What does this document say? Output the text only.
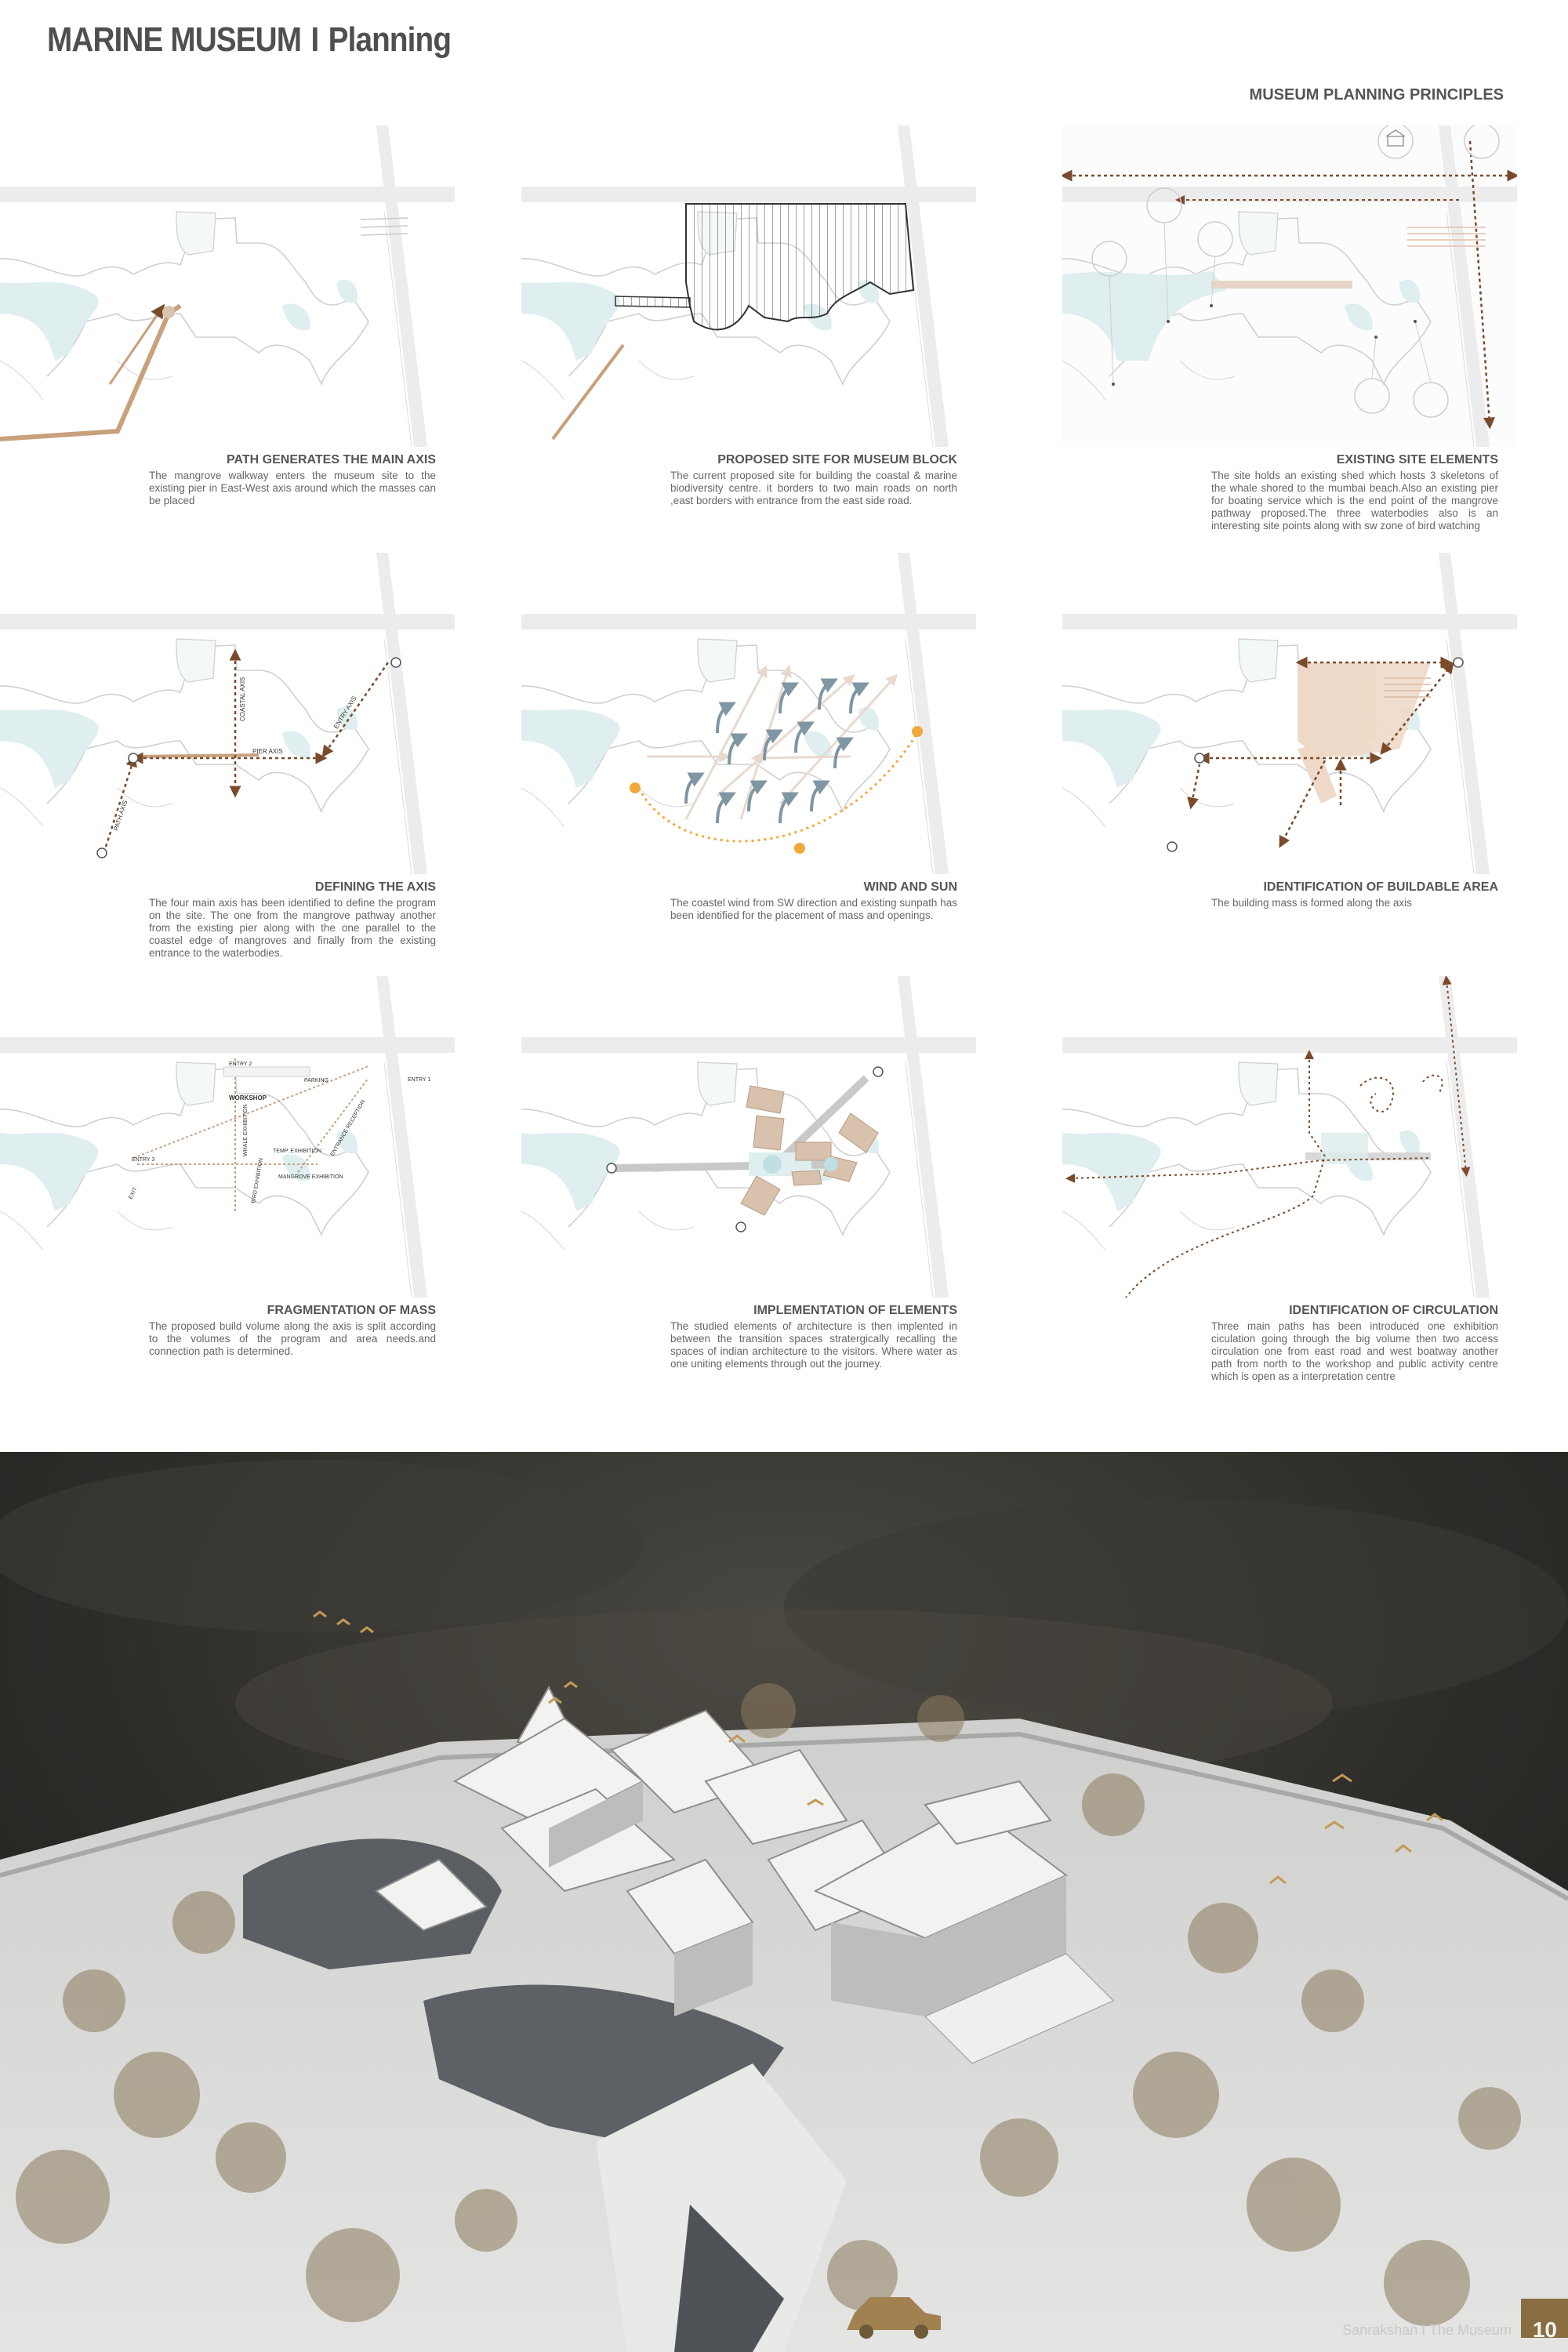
MARINE MUSEUM I Planning
MUSEUM PLANNING PRINCIPLES
PATH GENERATES THE MAIN AXIS
The mangrove walkway enters the museum site to the existing pier in East-West axis around which the masses can be placed
PROPOSED SITE FOR MUSEUM BLOCK
The current proposed site for building the coastal & marine biodiversity centre. it borders to two main roads on north ,east borders with entrance from the east side road.
EXISTING SITE ELEMENTS
The site holds an existing shed which hosts 3 skeletons of the whale shored to the mumbai beach.Also an existing pier for boating service which is the end point of the mangrove pathway proposed.The three waterbodies also is an interesting site points along with sw zone of bird watching
COASTAL AXIS
PIER AXIS
ENTRY AXIS
PATH AXIS
DEFINING THE AXIS
The four main axis has been identified to define the program on the site. The one from the mangrove pathway another from the existing pier along with the one parallel to the coastel edge of mangroves and finally from the existing entrance to the waterbodies.
WIND AND SUN
The coastel wind from SW direction and existing sunpath has been identified for the placement of mass and openings.
IDENTIFICATION OF BUILDABLE AREA
The building mass is formed along the axis
PARKING
ENTRY 2
ENTRY 1
WORKSHOP
TEMP. EXHIBITION
MANGROVE EXHIBITION
WHALE EXHIBITION	ENTRANCE RECEPTION
BIRD EXHIBITION
ENTRY 3
EXIT
FRAGMENTATION OF MASS
The proposed build volume along the axis is split according to the volumes of the program and area needs.and connection path is determined.
IMPLEMENTATION OF ELEMENTS
The studied elements of architecture is then implented in between the transition spaces stratergically recalling the spaces of indian architecture to the visitors. Where water as one uniting elements through out the journey.
IDENTIFICATION OF CIRCULATION
Three main paths has been introduced one exhibition ciculation going through the big volume then two access circulation one from east road and west boatway another path from north to the workshop and public activity centre which is open as a interpretation centre
Sanrakshan I The Museum 10
